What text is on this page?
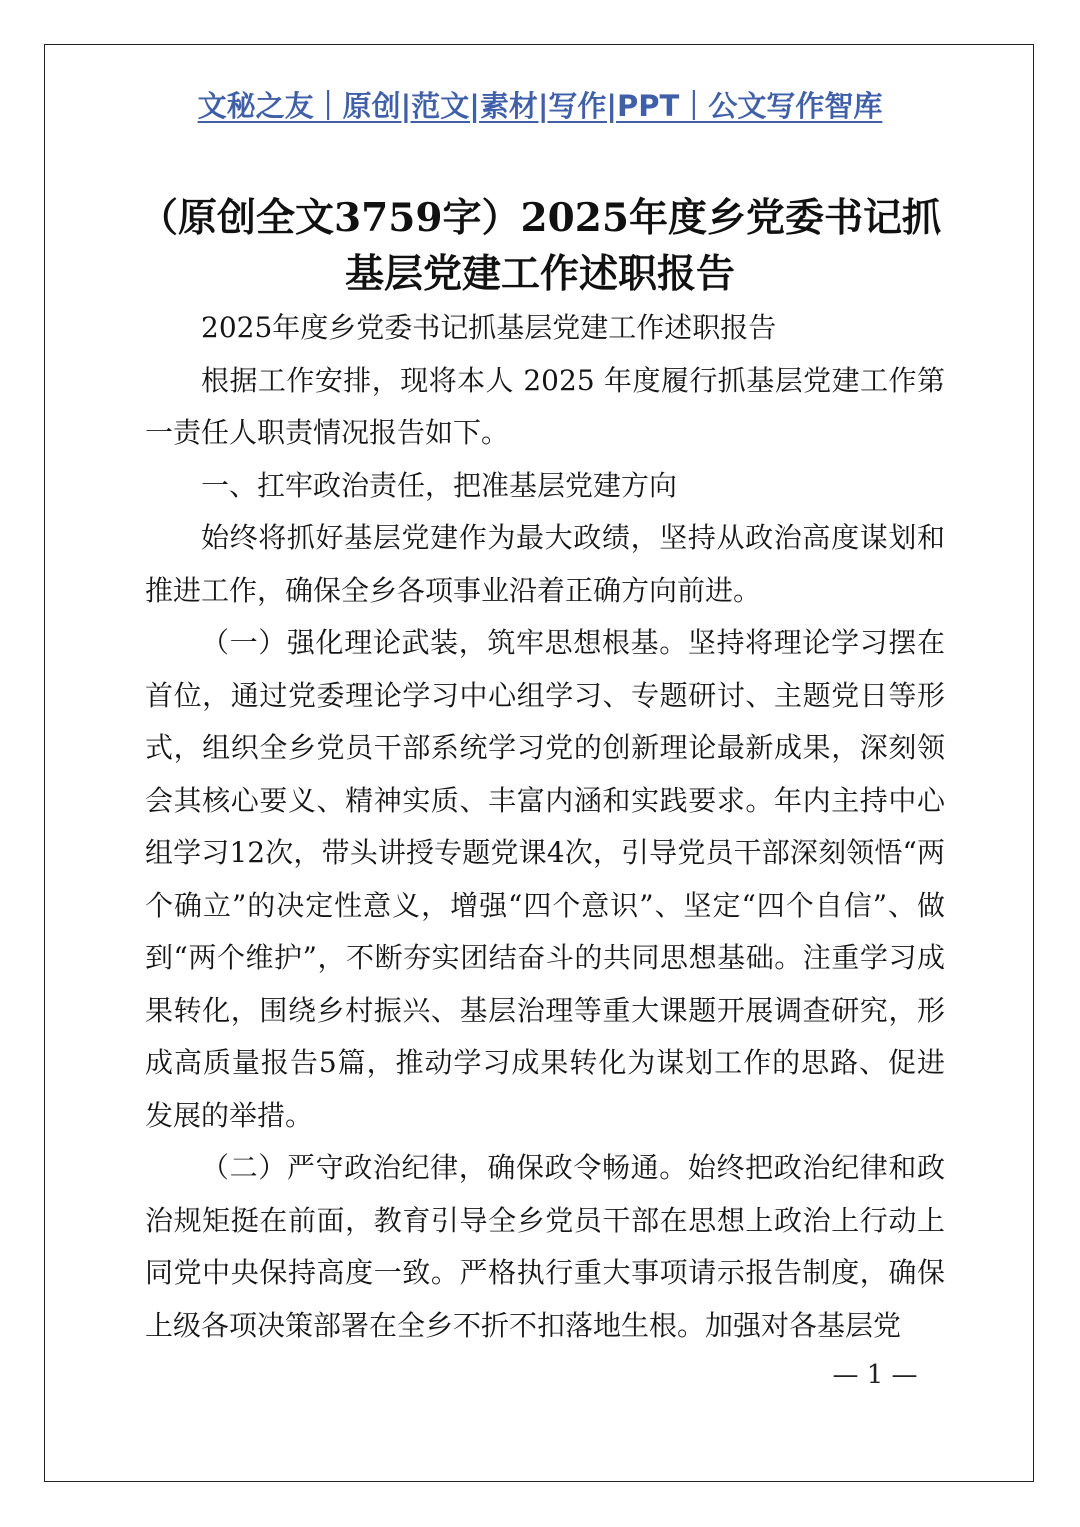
文秘之友｜原创|范文|素材|写作|PPT｜公文写作智库
（原创全文3759字）2025年度乡党委书记抓基层党建工作述职报告

2025年度乡党委书记抓基层党建工作述职报告

根据工作安排，现将本人 2025 年度履行抓基层党建工作第一责任人职责情况报告如下。

一、扛牢政治责任，把准基层党建方向

始终将抓好基层党建作为最大政绩，坚持从政治高度谋划和推进工作，确保全乡各项事业沿着正确方向前进。

（一）强化理论武装，筑牢思想根基。坚持将理论学习摆在首位，通过党委理论学习中心组学习、专题研讨、主题党日等形式，组织全乡党员干部系统学习党的创新理论最新成果，深刻领会其核心要义、精神实质、丰富内涵和实践要求。年内主持中心组学习12次，带头讲授专题党课4次，引导党员干部深刻领悟“两个确立”的决定性意义，增强“四个意识”、坚定“四个自信”、做到“两个维护”，不断夯实团结奋斗的共同思想基础。注重学习成果转化，围绕乡村振兴、基层治理等重大课题开展调查研究，形成高质量报告5篇，推动学习成果转化为谋划工作的思路、促进发展的举措。

（二）严守政治纪律，确保政令畅通。始终把政治纪律和政治规矩挺在前面，教育引导全乡党员干部在思想上政治上行动上同党中央保持高度一致。严格执行重大事项请示报告制度，确保上级各项决策部署在全乡不折不扣落地生根。加强对各基层党

— 1 —
